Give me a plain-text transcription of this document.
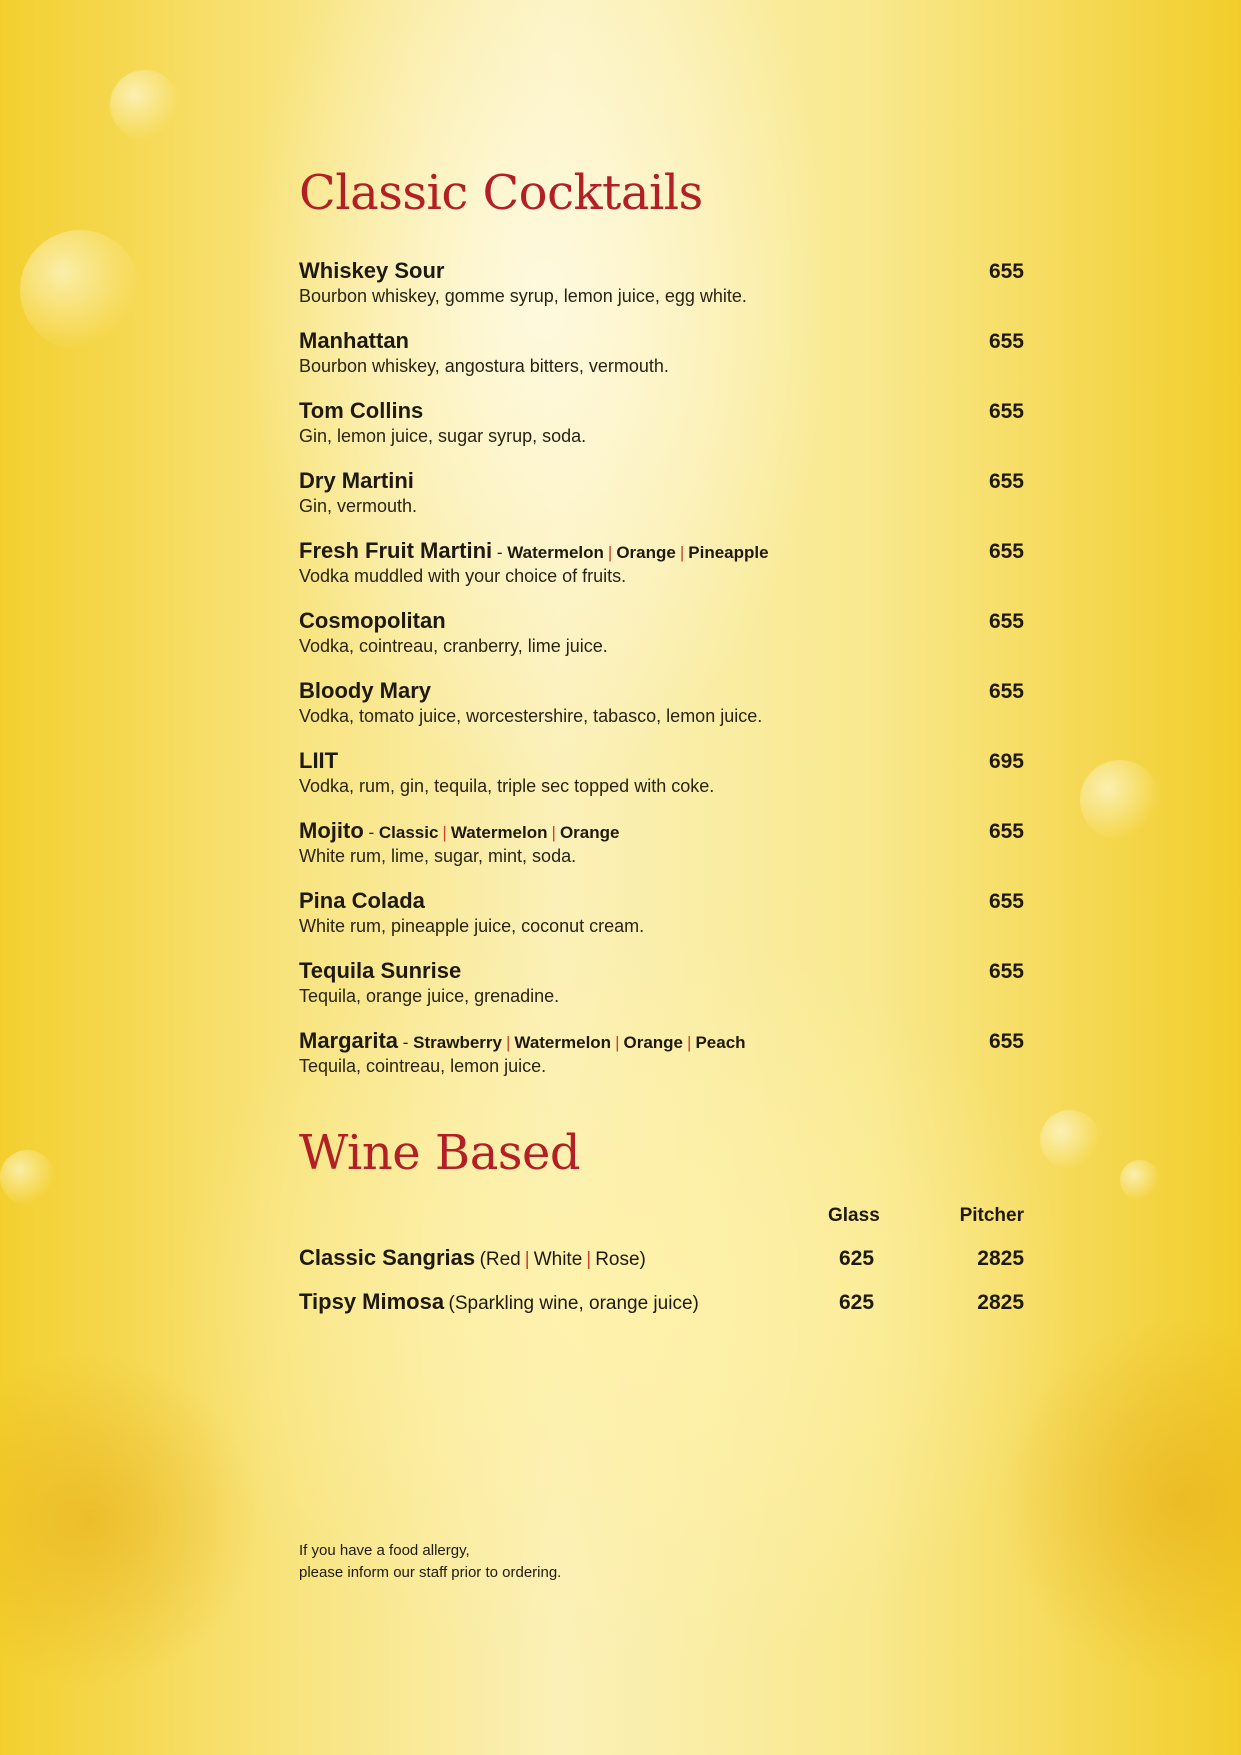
Classic Cocktails
Whiskey Sour	655
Bourbon whiskey, gomme syrup, lemon juice, egg white.
Manhattan	655
Bourbon whiskey, angostura bitters, vermouth.
Tom Collins	655
Gin, lemon juice, sugar syrup, soda.
Dry Martini	655
Gin, vermouth.
Fresh Fruit Martini - Watermelon | Orange | Pineapple	655
Vodka muddled with your choice of fruits.
Cosmopolitan	655
Vodka, cointreau, cranberry, lime juice.
Bloody Mary	655
Vodka, tomato juice, worcestershire, tabasco, lemon juice.
LIIT	695
Vodka, rum, gin, tequila, triple sec topped with coke.
Mojito - Classic | Watermelon | Orange	655
White rum, lime, sugar, mint, soda.
Pina Colada	655
White rum, pineapple juice, coconut cream.
Tequila Sunrise	655
Tequila, orange juice, grenadine.
Margarita - Strawberry | Watermelon | Orange | Peach	655
Tequila, cointreau, lemon juice.
Wine Based
Glass	Pitcher
Classic Sangrias (Red | White | Rose)	625	2825
Tipsy Mimosa (Sparkling wine, orange juice)	625	2825
If you have a food allergy,
please inform our staff prior to ordering.
